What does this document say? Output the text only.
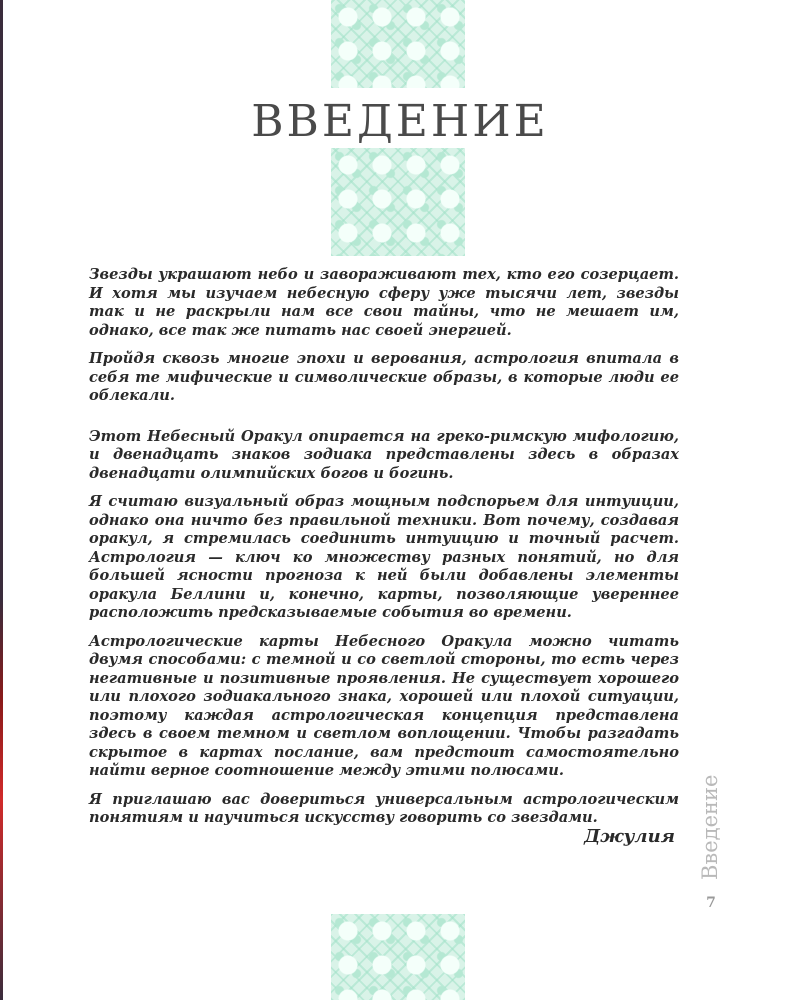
ВВЕДЕНИЕ

Звезды украшают небо и завораживают тех, кто его созерцает. И хотя мы изучаем небесную сферу уже тысячи лет, звезды так и не раскрыли нам все свои тайны, что не мешает им, однако, все так же питать нас своей энергией.

Пройдя сквозь многие эпохи и верования, астрология впитала в себя те мифические и символические образы, в которые люди ее облекали.

Этот Небесный Оракул опирается на греко-римскую мифологию, и двенадцать знаков зодиака представлены здесь в образах двенадцати олимпийских богов и богинь.

Я считаю визуальный образ мощным подспорьем для интуиции, однако она ничто без правильной техники. Вот почему, создавая оракул, я стремилась соединить интуицию и точный расчет. Астрология — ключ ко множеству разных понятий, но для большей ясности прогноза к ней были добавлены элементы оракула Беллини и, конечно, карты, позволяющие увереннее расположить предсказываемые события во времени.

Астрологические карты Небесного Оракула можно читать двумя способами: с темной и со светлой стороны, то есть через негативные и позитивные проявления. Не существует хорошего или плохого зодиакального знака, хорошей или плохой ситуации, поэтому каждая астрологическая концепция представлена здесь в своем темном и светлом воплощении. Чтобы разгадать скрытое в картах послание, вам предстоит самостоятельно найти верное соотношение между этими полюсами.

Я приглашаю вас довериться универсальным астрологическим понятиям и научиться искусству говорить со звездами.

Джулия Введение
7
